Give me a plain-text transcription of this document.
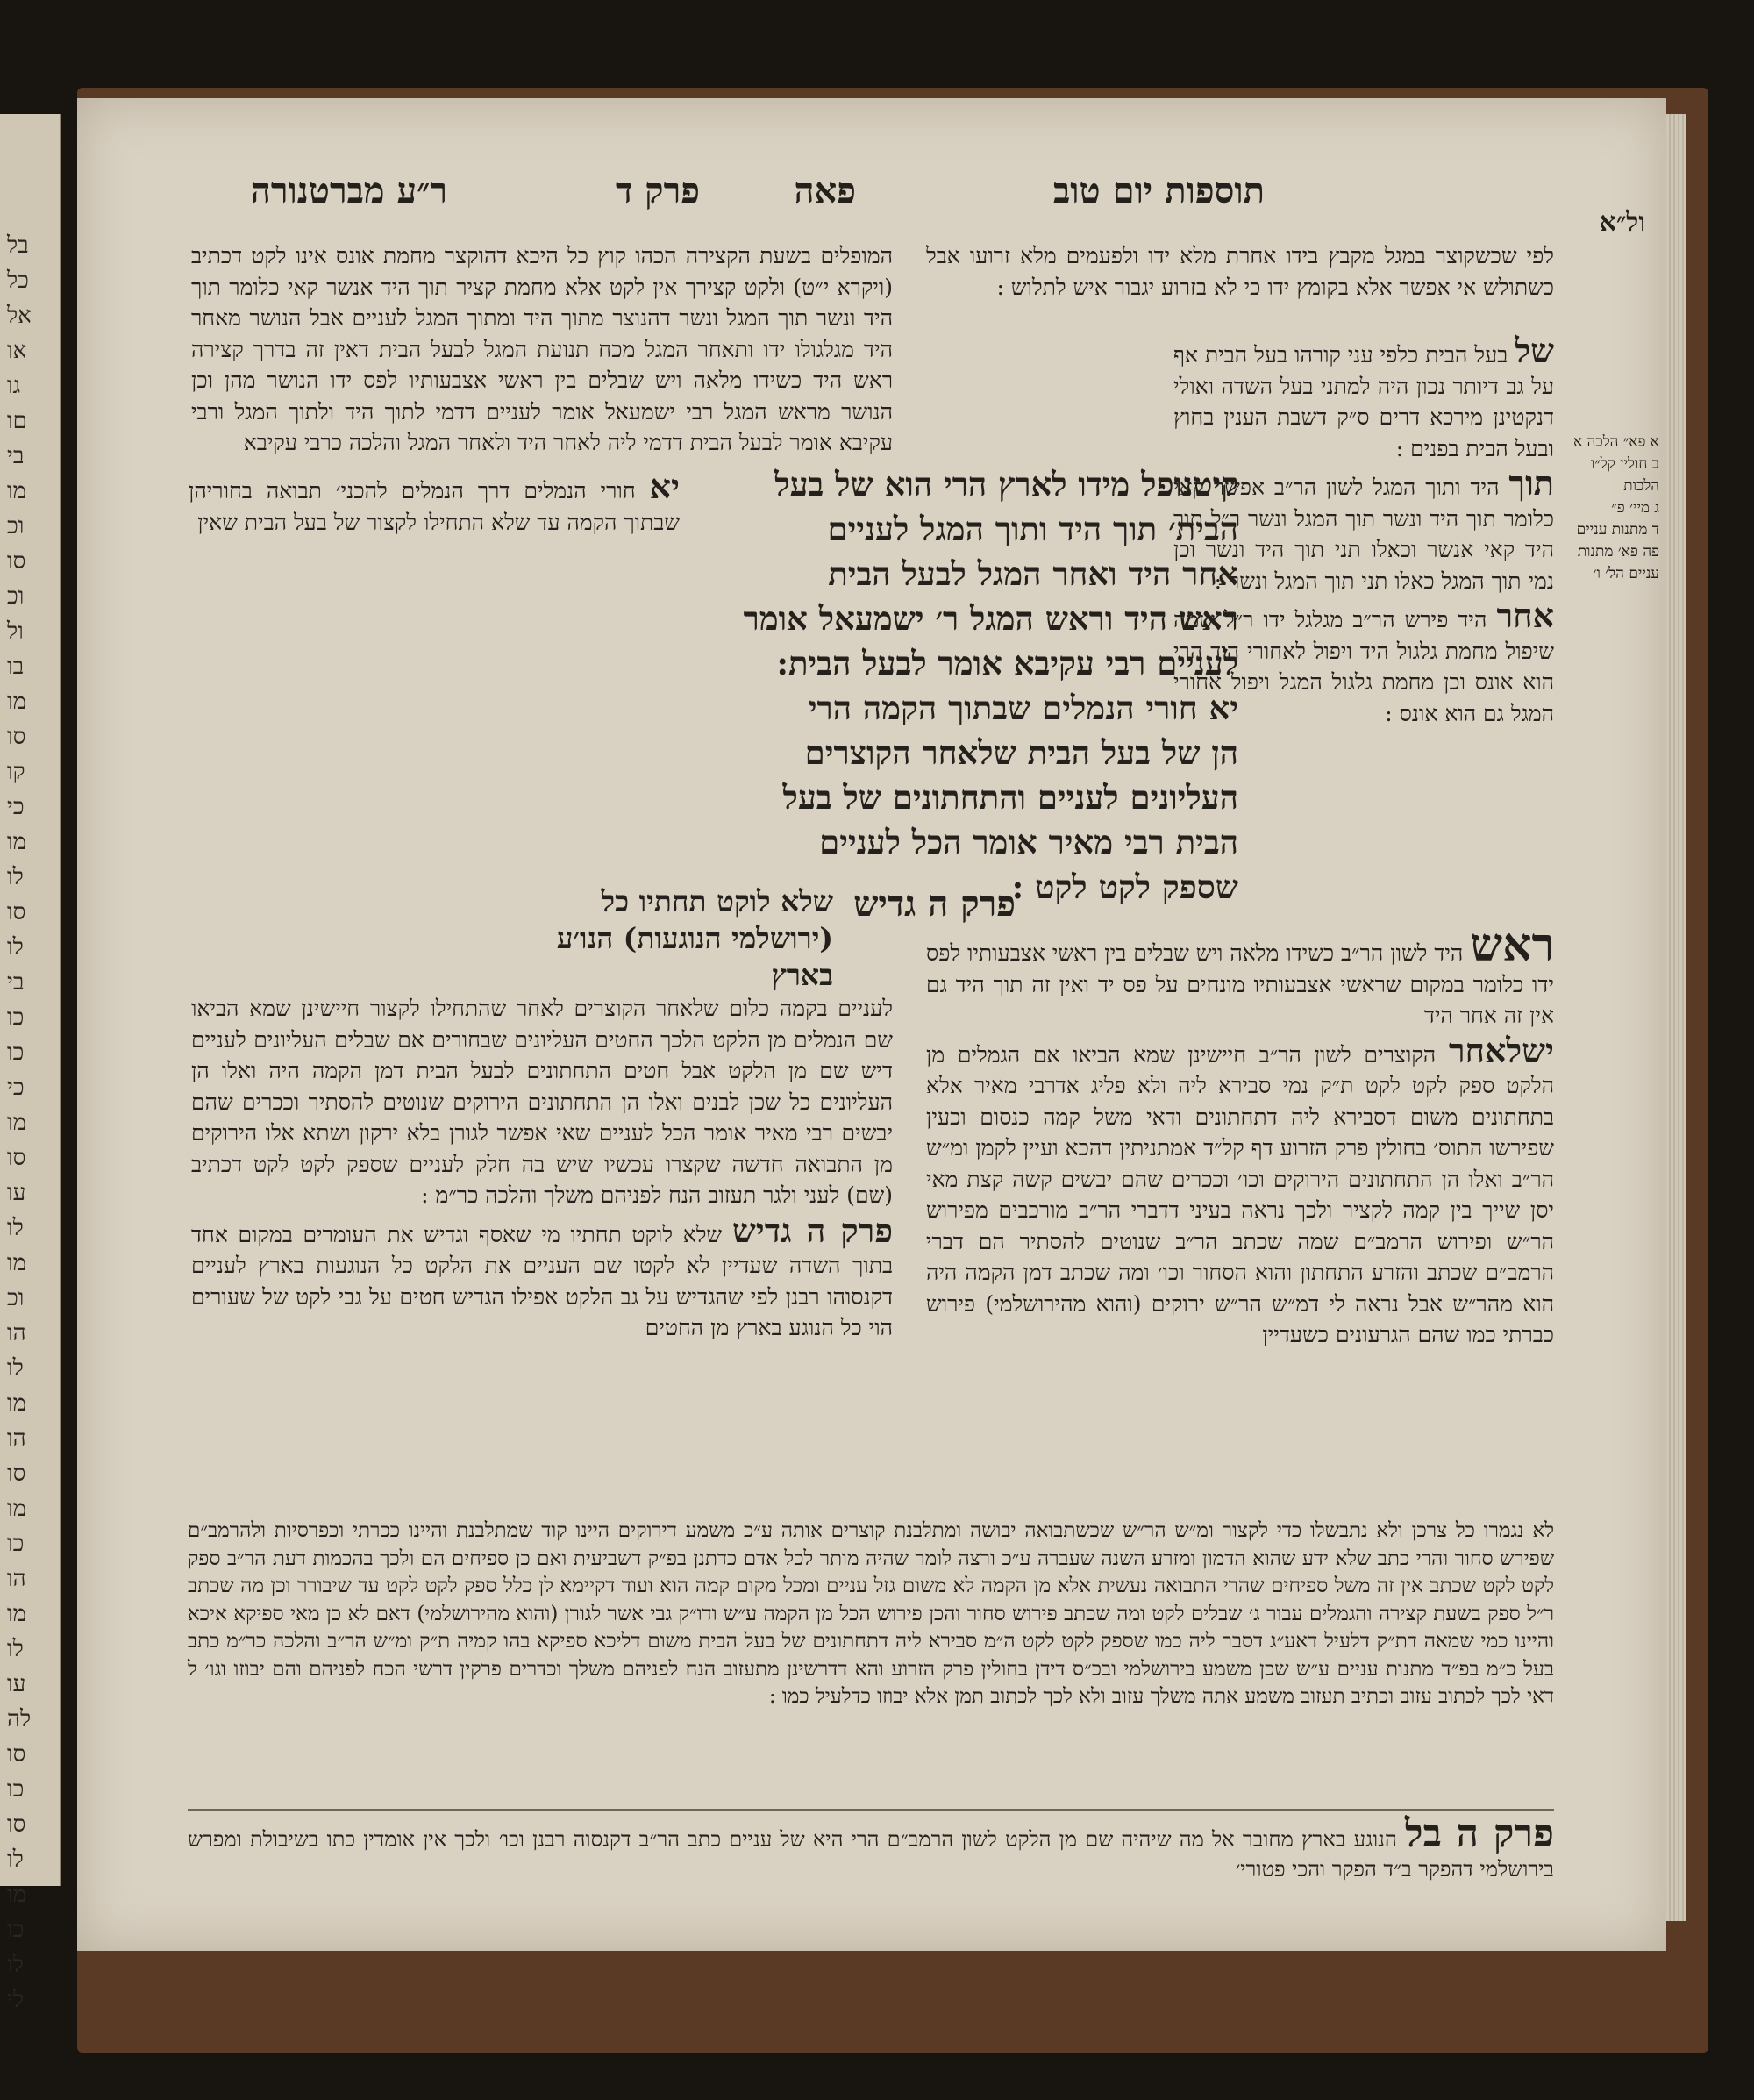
בל
כל
אל
או
גו
םו
בי
מו
וכ
סו
וכ
ול
בו
מו
סו
קו
כי
מו
לו
סו
לו
בי
כו
כו
כי
מו
סו
עו
לו
מו
וכ
הו
לו
מו
הו
סו
מו
כו
הו
מו
לו
עו
לה
סו
כו
סו
לו
מו
כו
לו
לי
תוספות יום טוב
פאה
פרק ד
ר״ע מברטנורה
ול״א
א פא״ הלכה א
ב חולין קל״ו
הלכות
ג מיי׳ פ״
ד מתנות עניים
פה פא׳ מתנות
עניים הל׳ ו׳

לפי שכשקוצר במגל מקבץ בידו אחרת מלא ידו ולפעמים מלא זרועו אבל כשתולש אי אפשר אלא בקומץ ידו כי לא בזרוע יגבור איש לתלוש :

של בעל הבית כלפי עני קורהו בעל הבית אף על גב דיותר נכון היה למתני בעל השדה ואולי דנקטינן מירכא דרים ס״ק דשבת הענין בחוץ ובעל הבית בפנים :

תוך היד ותוך המגל לשון הר״ב אפשר קאי כלומר תוך היד ונשר תוך המגל ונשר ר״ל תוך היד קאי אנשר וכאלו תני תוך היד ונשר וכן נמי תוך המגל כאלו תני תוך המגל ונשר :

אחר היד פירש הר״ב מגלגל ידו ר״ל שמה שיפול מחמת גלגול היד ויפול לאחורי היד הרי הוא אונס וכן מחמת גלגול המגל ויפול אחורי המגל גם הוא אונס :

ראש היד לשון הר״ב כשידו מלאה ויש שבלים בין ראשי אצבעותיו לפס ידו כלומר במקום שראשי אצבעותיו מונחים על פס יד ואין זה תוך היד גם אין זה אחר היד

ישלאחר הקוצרים לשון הר״ב חיישינן שמא הביאו אם הגמלים מן הלקט ספק לקט לקט ת״ק נמי סבירא ליה ולא פליג אדרבי מאיר אלא בתחתונים משום דסבירא ליה דתחתונים ודאי משל קמה כנסום וכעין שפירשו התוס׳ בחולין פרק הזרוע דף קל״ד אמתניתין דהכא ועיין לקמן ומ״ש הר״ב ואלו הן התחתונים הירוקים וכו׳ וככרים שהם יבשים קשה קצת מאי יסן שייך בין קמה לקציר ולכך נראה בעיני דדברי הר״ב מורכבים מפירוש הר״ש ופירוש הרמב״ם שמה שכתב הר״ב שנוטים להסתיר הם דברי הרמב״ם שכתב והזרע התחתון והוא הסחור וכו׳ ומה שכתב דמן הקמה היה הוא מהר״ש אבל נראה לי דמ״ש הר״ש ירוקים (והוא מהירושלמי) פירוש כברתי כמו שהם הגרעונים כשעדיין

המופלים בשעת הקצירה הכהו קוץ כל היכא דהוקצר מחמת אונס אינו לקט דכתיב (ויקרא י״ט) ולקט קצירך אין לקט אלא מחמת קציר תוך היד אנשר קאי כלומר תוך היד ונשר תוך המגל ונשר דהנוצר מתוך היד ומתוך המגל לעניים אבל הנושר מאחר היד מגלגולו ידו ותאחר המגל מכח תנועת המגל לבעל הבית דאין זה בדרך קצירה ראש היד כשידו מלאה ויש שבלים בין ראשי אצבעותיו לפס ידו הנושר מהן וכן הנושר מראש המגל רבי ישמעאל אומר לעניים דדמי לתוך היד ולתוך המגל ורבי עקיבא אומר לבעל הבית דדמי ליה לאחר היד ולאחר המגל והלכה כרבי עקיבא

קיטנופל מידו לארץ הרי הוא של בעל

הבית׳ תוך היד ותוך המגל לעניים

אחר היד ואחר המגל לבעל הבית

ראש היד וראש המגל ר׳ ישמעאל אומר

לעניים רבי עקיבא אומר לבעל הבית:

יא חורי הנמלים שבתוך הקמה הרי

הן של בעל הבית שלאחר הקוצרים

העליונים לעניים והתחתונים של בעל

הבית רבי מאיר אומר הכל לעניים

שספק לקט לקט :

פרק ה גדיש

שלא לוקט תחתיו כל

(ירושלמי הנוגעות) הנו׳ע

בארץ

יא חורי הנמלים דרך הנמלים להכני׳ תבואה בחוריהן שבתוך הקמה עד שלא התחילו לקצור של בעל הבית שאין

לעניים בקמה כלום שלאחר הקוצרים לאחר שהתחילו לקצור חיישינן שמא הביאו שם הנמלים מן הלקט הלכך החטים העליונים שבחורים אם שבלים העליונים לעניים דיש שם מן הלקט אבל חטים התחתונים לבעל הבית דמן הקמה היה ואלו הן העליונים כל שכן לבנים ואלו הן התחתונים הירוקים שנוטים להסתיר וככרים שהם יבשים רבי מאיר אומר הכל לעניים שאי אפשר לגורן בלא ירקון ושתא אלו הירוקים מן התבואה חדשה שקצרו עכשיו שיש בה חלק לעניים שספק לקט לקט דכתיב (שם) לעני ולגר תעזוב הנח לפניהם משלך והלכה כר״מ :

פרק ה גדיש שלא לוקט תחתיו מי שאסף וגדיש את העומרים במקום אחד בתוך השדה שעדיין לא לקטו שם העניים את הלקט כל הנוגעות בארץ לעניים דקנסוהו רבנן לפי שהגדיש על גב הלקט אפילו הגדיש חטים על גבי לקט של שעורים הוי כל הנוגע בארץ מן החטים

לא נגמרו כל צרכן ולא נתבשלו כדי לקצור ומ״ש הר״ש שכשתבואה יבושה ומתלבנת קוצרים אותה ע״כ משמע דירוקים היינו קוד שמתלבנת והיינו ככרתי וכפרסיות ולהרמב״ם שפירש סחור והרי כתב שלא ידע שהוא הדמון ומזרע השנה שעברה ע״כ ורצה לומר שהיה מותר לכל אדם כדתנן בפ״ק דשביעית ואם כן ספיחים הם ולכך בהכמות דעת הר״ב ספק לקט לקט שכתב אין זה משל ספיחים שהרי התבואה נעשית אלא מן הקמה לא משום גזל עניים ומכל מקום קמה הוא ועוד דקיימא לן כלל ספק לקט לקט עד שיבורר וכן מה שכתב ר״ל ספק בשעת קצירה והגמלים עבור ג׳ שבלים לקט ומה שכתב פירוש סחור והכן פירוש הכל מן הקמה ע״ש ודו״ק גבי אשר לגורן (והוא מהירושלמי) דאם לא כן מאי ספיקא איכא והיינו כמי שמאה דת״ק דלעיל דאע״ג דסבר ליה כמו שספק לקט לקט ה״מ סבירא ליה דתחתונים של בעל הבית משום דליכא ספיקא בהו קמיה ת״ק ומ״ש הר״ב והלכה כר״מ כתב בעל כ״מ בפ״ד מתנות עניים ע״ש שכן משמע בירושלמי ובכ״ס דידן בחולין פרק הזרוע והא דדרשינן מתעזוב הנח לפניהם משלך וכדרים פרקין דרשי הכח לפניהם והם יבוזו וגו׳ ל דאי לכך לכתוב עזוב וכתיב תעזוב משמע אתה משלך עזוב ולא לכך לכתוב תמן אלא יבוזו כדלעיל כמו :

פרק ה בל הנוגע בארץ מחובר אל מה שיהיה שם מן הלקט לשון הרמב״ם הרי היא של עניים כתב הר״ב דקנסוה רבנן וכו׳ ולכך אין אומדין כתו בשיבולת ומפרש בירושלמי דהפקר ב״ד הפקר והכי פטורי׳
